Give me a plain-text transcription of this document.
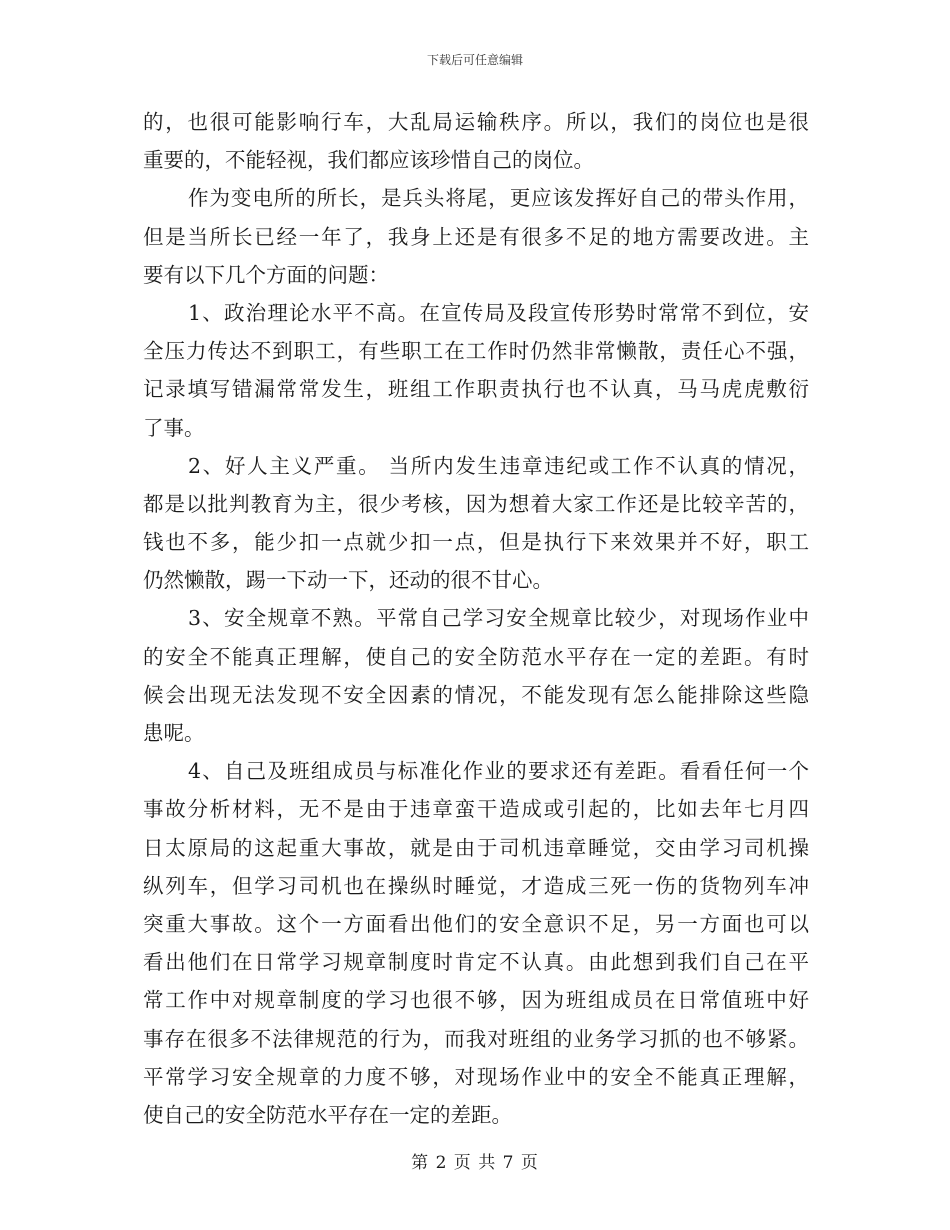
下载后可任意编辑
的，也很可能影响行车，大乱局运输秩序。所以，我们的岗位也是很
重要的，不能轻视，我们都应该珍惜自己的岗位。
作为变电所的所长，是兵头将尾，更应该发挥好自己的带头作用，
但是当所长已经一年了，我身上还是有很多不足的地方需要改进。主
要有以下几个方面的问题：
1、政治理论水平不高。在宣传局及段宣传形势时常常不到位，安
全压力传达不到职工，有些职工在工作时仍然非常懒散，责任心不强，
记录填写错漏常常发生，班组工作职责执行也不认真，马马虎虎敷衍
了事。
2、好人主义严重。 当所内发生违章违纪或工作不认真的情况，
都是以批判教育为主，很少考核，因为想着大家工作还是比较辛苦的，
钱也不多，能少扣一点就少扣一点，但是执行下来效果并不好，职工
仍然懒散，踢一下动一下，还动的很不甘心。
3、安全规章不熟。平常自己学习安全规章比较少，对现场作业中
的安全不能真正理解，使自己的安全防范水平存在一定的差距。有时
候会出现无法发现不安全因素的情况，不能发现有怎么能排除这些隐
患呢。
4、自己及班组成员与标准化作业的要求还有差距。看看任何一个
事故分析材料，无不是由于违章蛮干造成或引起的，比如去年七月四
日太原局的这起重大事故，就是由于司机违章睡觉，交由学习司机操
纵列车，但学习司机也在操纵时睡觉，才造成三死一伤的货物列车冲
突重大事故。这个一方面看出他们的安全意识不足，另一方面也可以
看出他们在日常学习规章制度时肯定不认真。由此想到我们自己在平
常工作中对规章制度的学习也很不够，因为班组成员在日常值班中好
事存在很多不法律规范的行为，而我对班组的业务学习抓的也不够紧。
平常学习安全规章的力度不够，对现场作业中的安全不能真正理解，
使自己的安全防范水平存在一定的差距。
第 2 页 共 7 页
